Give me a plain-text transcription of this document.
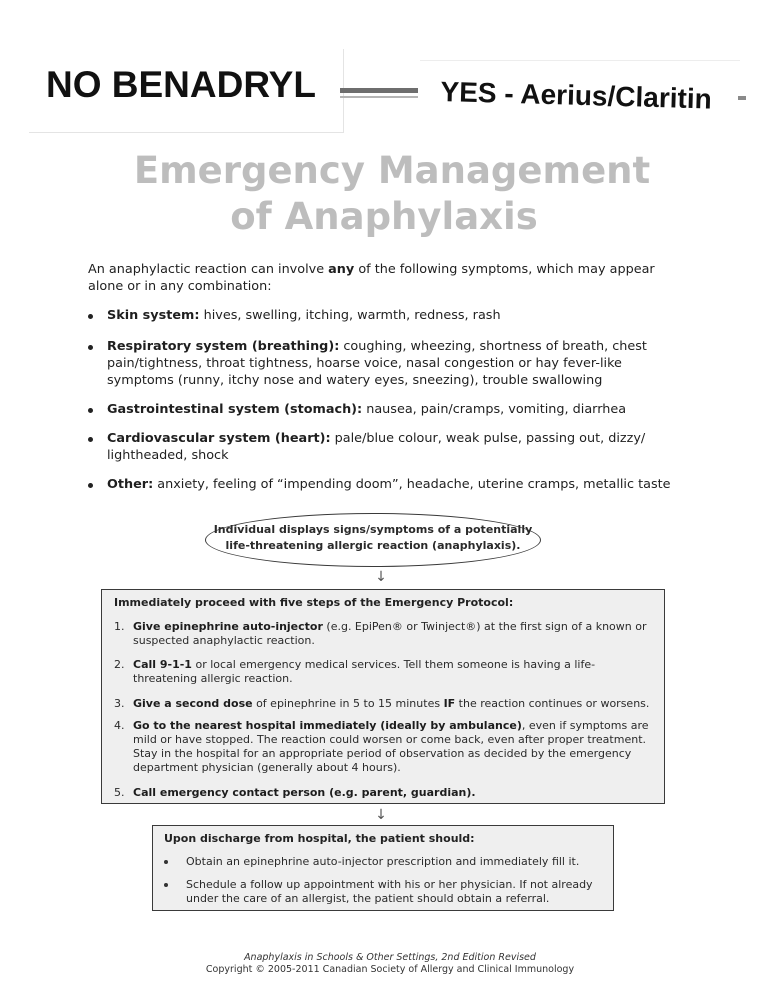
NO BENADRYL	YES - Aerius/Claritin
Emergency Management
of Anaphylaxis
An anaphylactic reaction can involve any of the following symptoms, which may appear alone or in any combination:
Skin system: hives, swelling, itching, warmth, redness, rash
Respiratory system (breathing): coughing, wheezing, shortness of breath, chest pain/tightness, throat tightness, hoarse voice, nasal congestion or hay fever-like symptoms (runny, itchy nose and watery eyes, sneezing), trouble swallowing
Gastrointestinal system (stomach): nausea, pain/cramps, vomiting, diarrhea
Cardiovascular system (heart): pale/blue colour, weak pulse, passing out, dizzy/ lightheaded, shock
Other: anxiety, feeling of “impending doom”, headache, uterine cramps, metallic taste
Individual displays signs/symptoms of a potentially life-threatening allergic reaction (anaphylaxis).
↓
Immediately proceed with five steps of the Emergency Protocol:
1. Give epinephrine auto-injector (e.g. EpiPen® or Twinject®) at the first sign of a known or suspected anaphylactic reaction.
2. Call 9-1-1 or local emergency medical services. Tell them someone is having a life-threatening allergic reaction.
3. Give a second dose of epinephrine in 5 to 15 minutes IF the reaction continues or worsens.
4. Go to the nearest hospital immediately (ideally by ambulance), even if symptoms are mild or have stopped. The reaction could worsen or come back, even after proper treatment. Stay in the hospital for an appropriate period of observation as decided by the emergency department physician (generally about 4 hours).
5. Call emergency contact person (e.g. parent, guardian).
↓
Upon discharge from hospital, the patient should:
Obtain an epinephrine auto-injector prescription and immediately fill it.
Schedule a follow up appointment with his or her physician. If not already under the care of an allergist, the patient should obtain a referral.
Anaphylaxis in Schools & Other Settings, 2nd Edition Revised
Copyright © 2005-2011 Canadian Society of Allergy and Clinical Immunology
